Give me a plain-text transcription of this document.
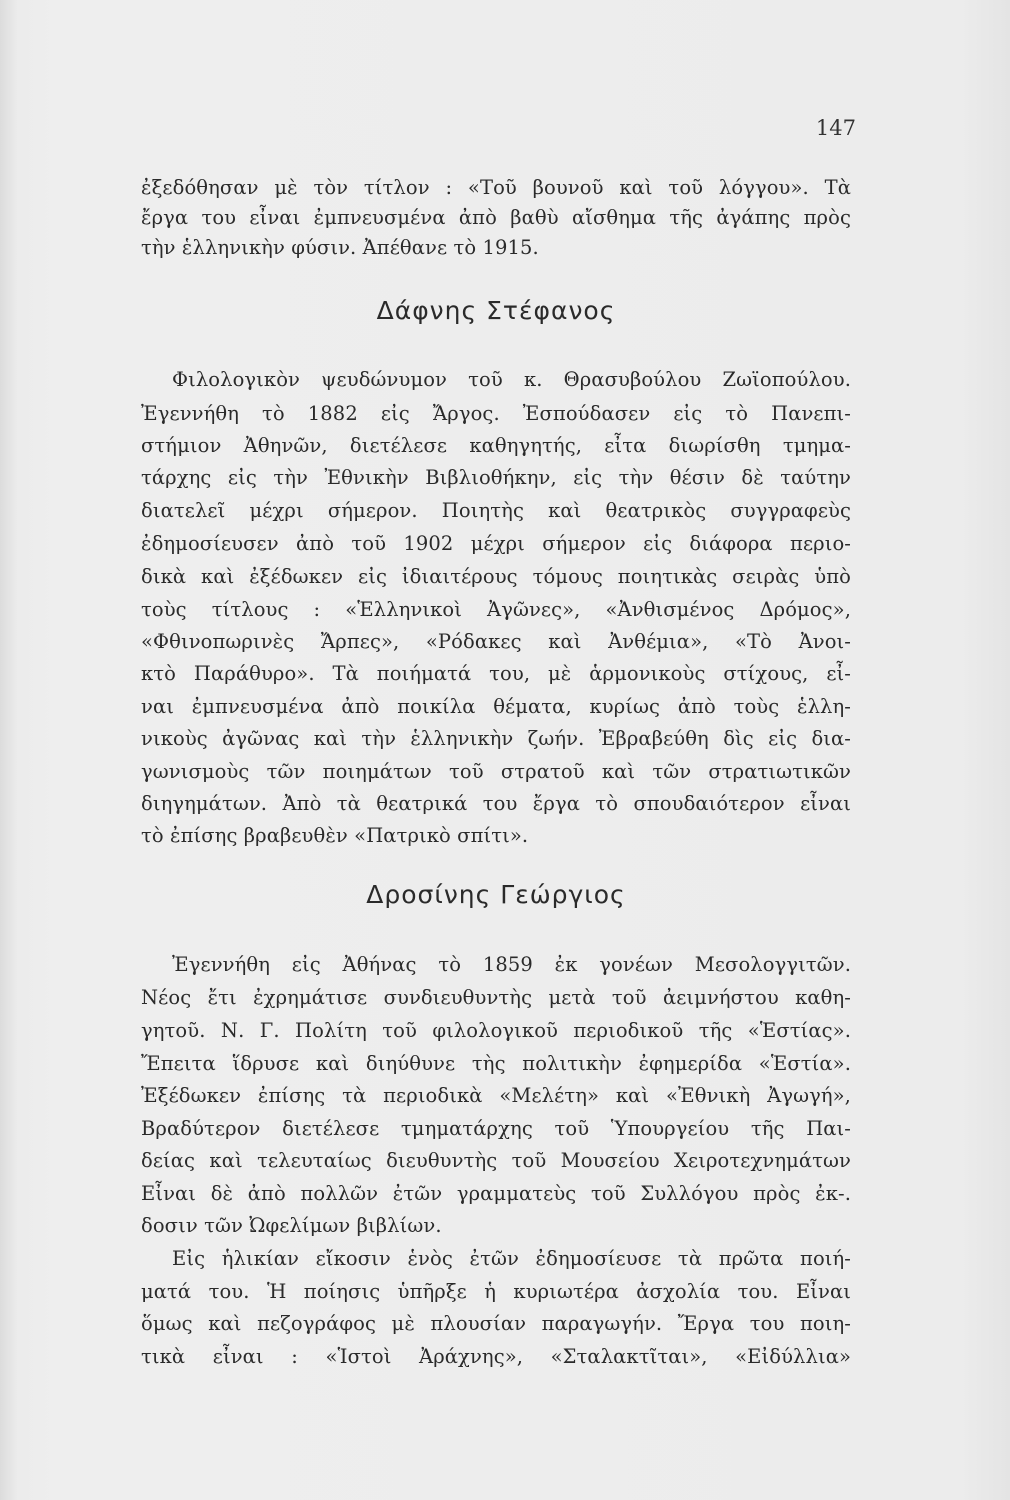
147
ἐξεδόθησαν μὲ τὸν τίτλον : «Τοῦ βουνοῦ καὶ τοῦ λόγγου». Τὰ
ἔργα του εἶναι ἐμπνευσμένα ἀπὸ βαθὺ αἴσθημα τῆς ἀγάπης πρὸς
τὴν ἑλληνικὴν φύσιν. Ἀπέθανε τὸ 1915.
Δάφνης Στέφανος
Φιλολογικὸν ψευδώνυμον τοῦ κ. Θρασυβούλου Ζωϊοπούλου.
Ἐγεννήθη τὸ 1882 εἰς Ἄργος. Ἐσπούδασεν εἰς τὸ Πανεπι-
στήμιον Ἀθηνῶν, διετέλεσε καθηγητής, εἶτα διωρίσθη τμημα-
τάρχης εἰς τὴν Ἐθνικὴν Βιβλιοθήκην, εἰς τὴν θέσιν δὲ ταύτην
διατελεῖ μέχρι σήμερον. Ποιητὴς καὶ θεατρικὸς συγγραφεὺς
ἐδημοσίευσεν ἀπὸ τοῦ 1902 μέχρι σήμερον εἰς διάφορα περιο-
δικὰ καὶ ἐξέδωκεν εἰς ἰδιαιτέρους τόμους ποιητικὰς σειρὰς ὑπὸ
τοὺς τίτλους : «Ἑλληνικοὶ Ἀγῶνες», «Ἀνθισμένος Δρόμος»,
«Φθινοπωρινὲς Ἄρπες», «Ρόδακες καὶ Ἀνθέμια», «Τὸ Ἀνοι-
κτὸ Παράθυρο». Τὰ ποιήματά του, μὲ ἁρμονικοὺς στίχους, εἶ-
ναι ἐμπνευσμένα ἀπὸ ποικίλα θέματα, κυρίως ἀπὸ τοὺς ἑλλη-
νικοὺς ἀγῶνας καὶ τὴν ἑλληνικὴν ζωήν. Ἐβραβεύθη δὶς εἰς δια-
γωνισμοὺς τῶν ποιημάτων τοῦ στρατοῦ καὶ τῶν στρατιωτικῶν
διηγημάτων. Ἀπὸ τὰ θεατρικά του ἔργα τὸ σπουδαιότερον εἶναι
τὸ ἐπίσης βραβευθὲν «Πατρικὸ σπίτι».
Δροσίνης Γεώργιος
Ἐγεννήθη εἰς Ἀθήνας τὸ 1859 ἐκ γονέων Μεσολογγιτῶν.
Νέος ἔτι ἐχρημάτισε συνδιευθυντὴς μετὰ τοῦ ἀειμνήστου καθη-
γητοῦ. Ν. Γ. Πολίτη τοῦ φιλολογικοῦ περιοδικοῦ τῆς «Ἑστίας».
Ἔπειτα ἵδρυσε καὶ διηύθυνε τὴς πολιτικὴν ἐφημερίδα «Ἑστία».
Ἐξέδωκεν ἐπίσης τὰ περιοδικὰ «Μελέτη» καὶ «Ἐθνικὴ Ἀγωγή»,
Βραδύτερον διετέλεσε τμηματάρχης τοῦ Ὑπουργείου τῆς Παι-
δείας καὶ τελευταίως διευθυντὴς τοῦ Μουσείου Χειροτεχνημάτων
Εἶναι δὲ ἀπὸ πολλῶν ἐτῶν γραμματεὺς τοῦ Συλλόγου πρὸς ἐκ-.
δοσιν τῶν Ὠφελίμων βιβλίων.
Εἰς ἡλικίαν εἴκοσιν ἑνὸς ἐτῶν ἐδημοσίευσε τὰ πρῶτα ποιή-
ματά του. Ἡ ποίησις ὑπῆρξε ἡ κυριωτέρα ἀσχολία του. Εἶναι
ὅμως καὶ πεζογράφος μὲ πλουσίαν παραγωγήν. Ἔργα του ποιη-
τικὰ εἶναι : «Ἱστοὶ Ἀράχνης», «Σταλακτῖται», «Εἰδύλλια»
